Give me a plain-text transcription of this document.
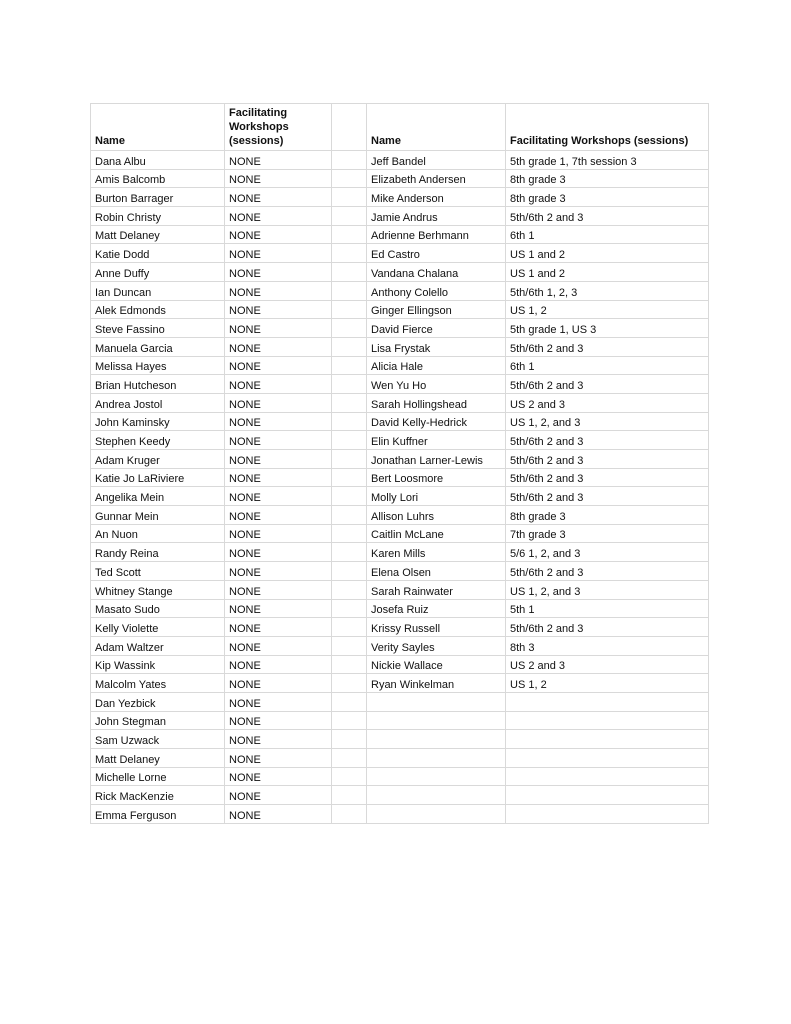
Name	Facilitating Workshops (sessions)		Name	Facilitating Workshops (sessions)
Dana Albu	NONE		Jeff Bandel	5th grade 1, 7th session 3
Amis Balcomb	NONE		Elizabeth Andersen	8th grade 3
Burton Barrager	NONE		Mike Anderson	8th grade 3
Robin Christy	NONE		Jamie Andrus	5th/6th 2 and 3
Matt Delaney	NONE		Adrienne Berhmann	6th 1
Katie Dodd	NONE		Ed Castro	US 1 and 2
Anne Duffy	NONE		Vandana Chalana	US 1 and 2
Ian Duncan	NONE		Anthony Colello	5th/6th 1, 2, 3
Alek Edmonds	NONE		Ginger Ellingson	US 1, 2
Steve Fassino	NONE		David Fierce	5th grade 1, US 3
Manuela Garcia	NONE		Lisa Frystak	5th/6th 2 and 3
Melissa Hayes	NONE		Alicia Hale	6th 1
Brian Hutcheson	NONE		Wen Yu Ho	5th/6th 2 and 3
Andrea Jostol	NONE		Sarah Hollingshead	US 2 and 3
John Kaminsky	NONE		David Kelly-Hedrick	US 1, 2, and 3
Stephen Keedy	NONE		Elin Kuffner	5th/6th 2 and 3
Adam Kruger	NONE		Jonathan Larner-Lewis	5th/6th 2 and 3
Katie Jo LaRiviere	NONE		Bert Loosmore	5th/6th 2 and 3
Angelika Mein	NONE		Molly Lori	5th/6th 2 and 3
Gunnar Mein	NONE		Allison Luhrs	8th grade 3
An Nuon	NONE		Caitlin McLane	7th grade 3
Randy Reina	NONE		Karen Mills	5/6 1, 2, and 3
Ted Scott	NONE		Elena Olsen	5th/6th 2 and 3
Whitney Stange	NONE		Sarah Rainwater	US 1, 2, and 3
Masato Sudo	NONE		Josefa Ruiz	5th 1
Kelly Violette	NONE		Krissy Russell	5th/6th 2 and 3
Adam Waltzer	NONE		Verity Sayles	8th 3
Kip Wassink	NONE		Nickie Wallace	US 2 and 3
Malcolm Yates	NONE		Ryan Winkelman	US 1, 2
Dan Yezbick	NONE			
John Stegman	NONE			
Sam Uzwack	NONE			
Matt Delaney	NONE			
Michelle Lorne	NONE			
Rick MacKenzie	NONE			
Emma Ferguson	NONE			
